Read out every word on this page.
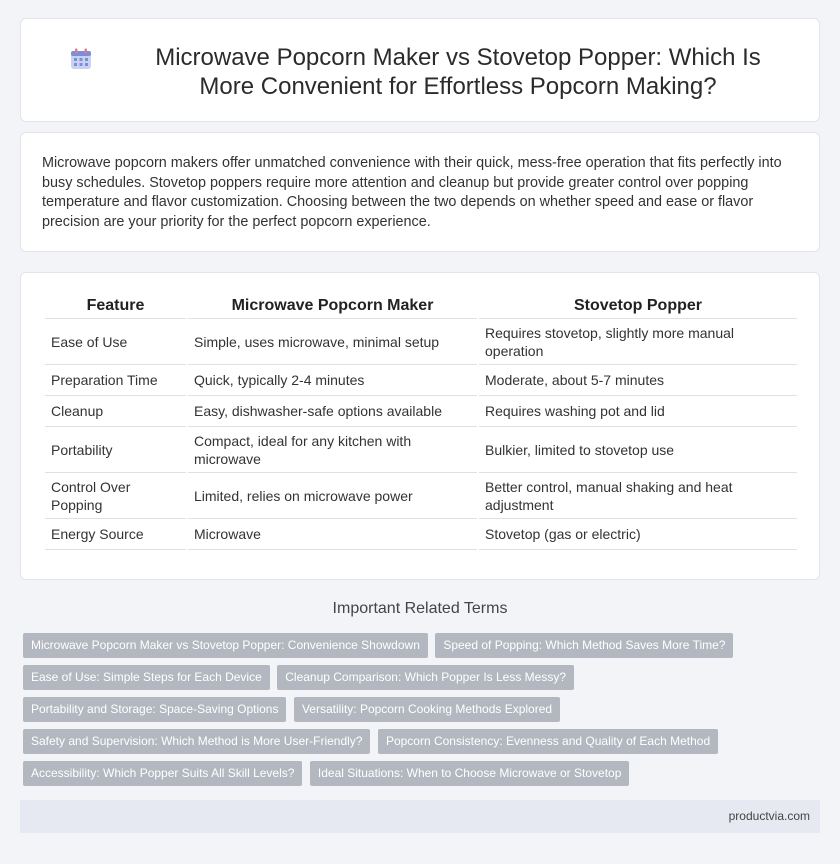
Microwave Popcorn Maker vs Stovetop Popper: Which Is More Convenient for Effortless Popcorn Making?

Microwave popcorn makers offer unmatched convenience with their quick, mess-free operation that fits perfectly into busy schedules. Stovetop poppers require more attention and cleanup but provide greater control over popping temperature and flavor customization. Choosing between the two depends on whether speed and ease or flavor precision are your priority for the perfect popcorn experience.

Feature	Microwave Popcorn Maker	Stovetop Popper
Ease of Use	Simple, uses microwave, minimal setup	Requires stovetop, slightly more manual operation
Preparation Time	Quick, typically 2-4 minutes	Moderate, about 5-7 minutes
Cleanup	Easy, dishwasher-safe options available	Requires washing pot and lid
Portability	Compact, ideal for any kitchen with microwave	Bulkier, limited to stovetop use
Control Over Popping	Limited, relies on microwave power	Better control, manual shaking and heat adjustment
Energy Source	Microwave	Stovetop (gas or electric)
Important Related Terms
Microwave Popcorn Maker vs Stovetop Popper: Convenience Showdown Speed of Popping: Which Method Saves More Time?
Ease of Use: Simple Steps for Each Device Cleanup Comparison: Which Popper Is Less Messy?
Portability and Storage: Space-Saving Options Versatility: Popcorn Cooking Methods Explored
Safety and Supervision: Which Method is More User-Friendly? Popcorn Consistency: Evenness and Quality of Each Method
Accessibility: Which Popper Suits All Skill Levels? Ideal Situations: When to Choose Microwave or Stovetop
productvia.com
